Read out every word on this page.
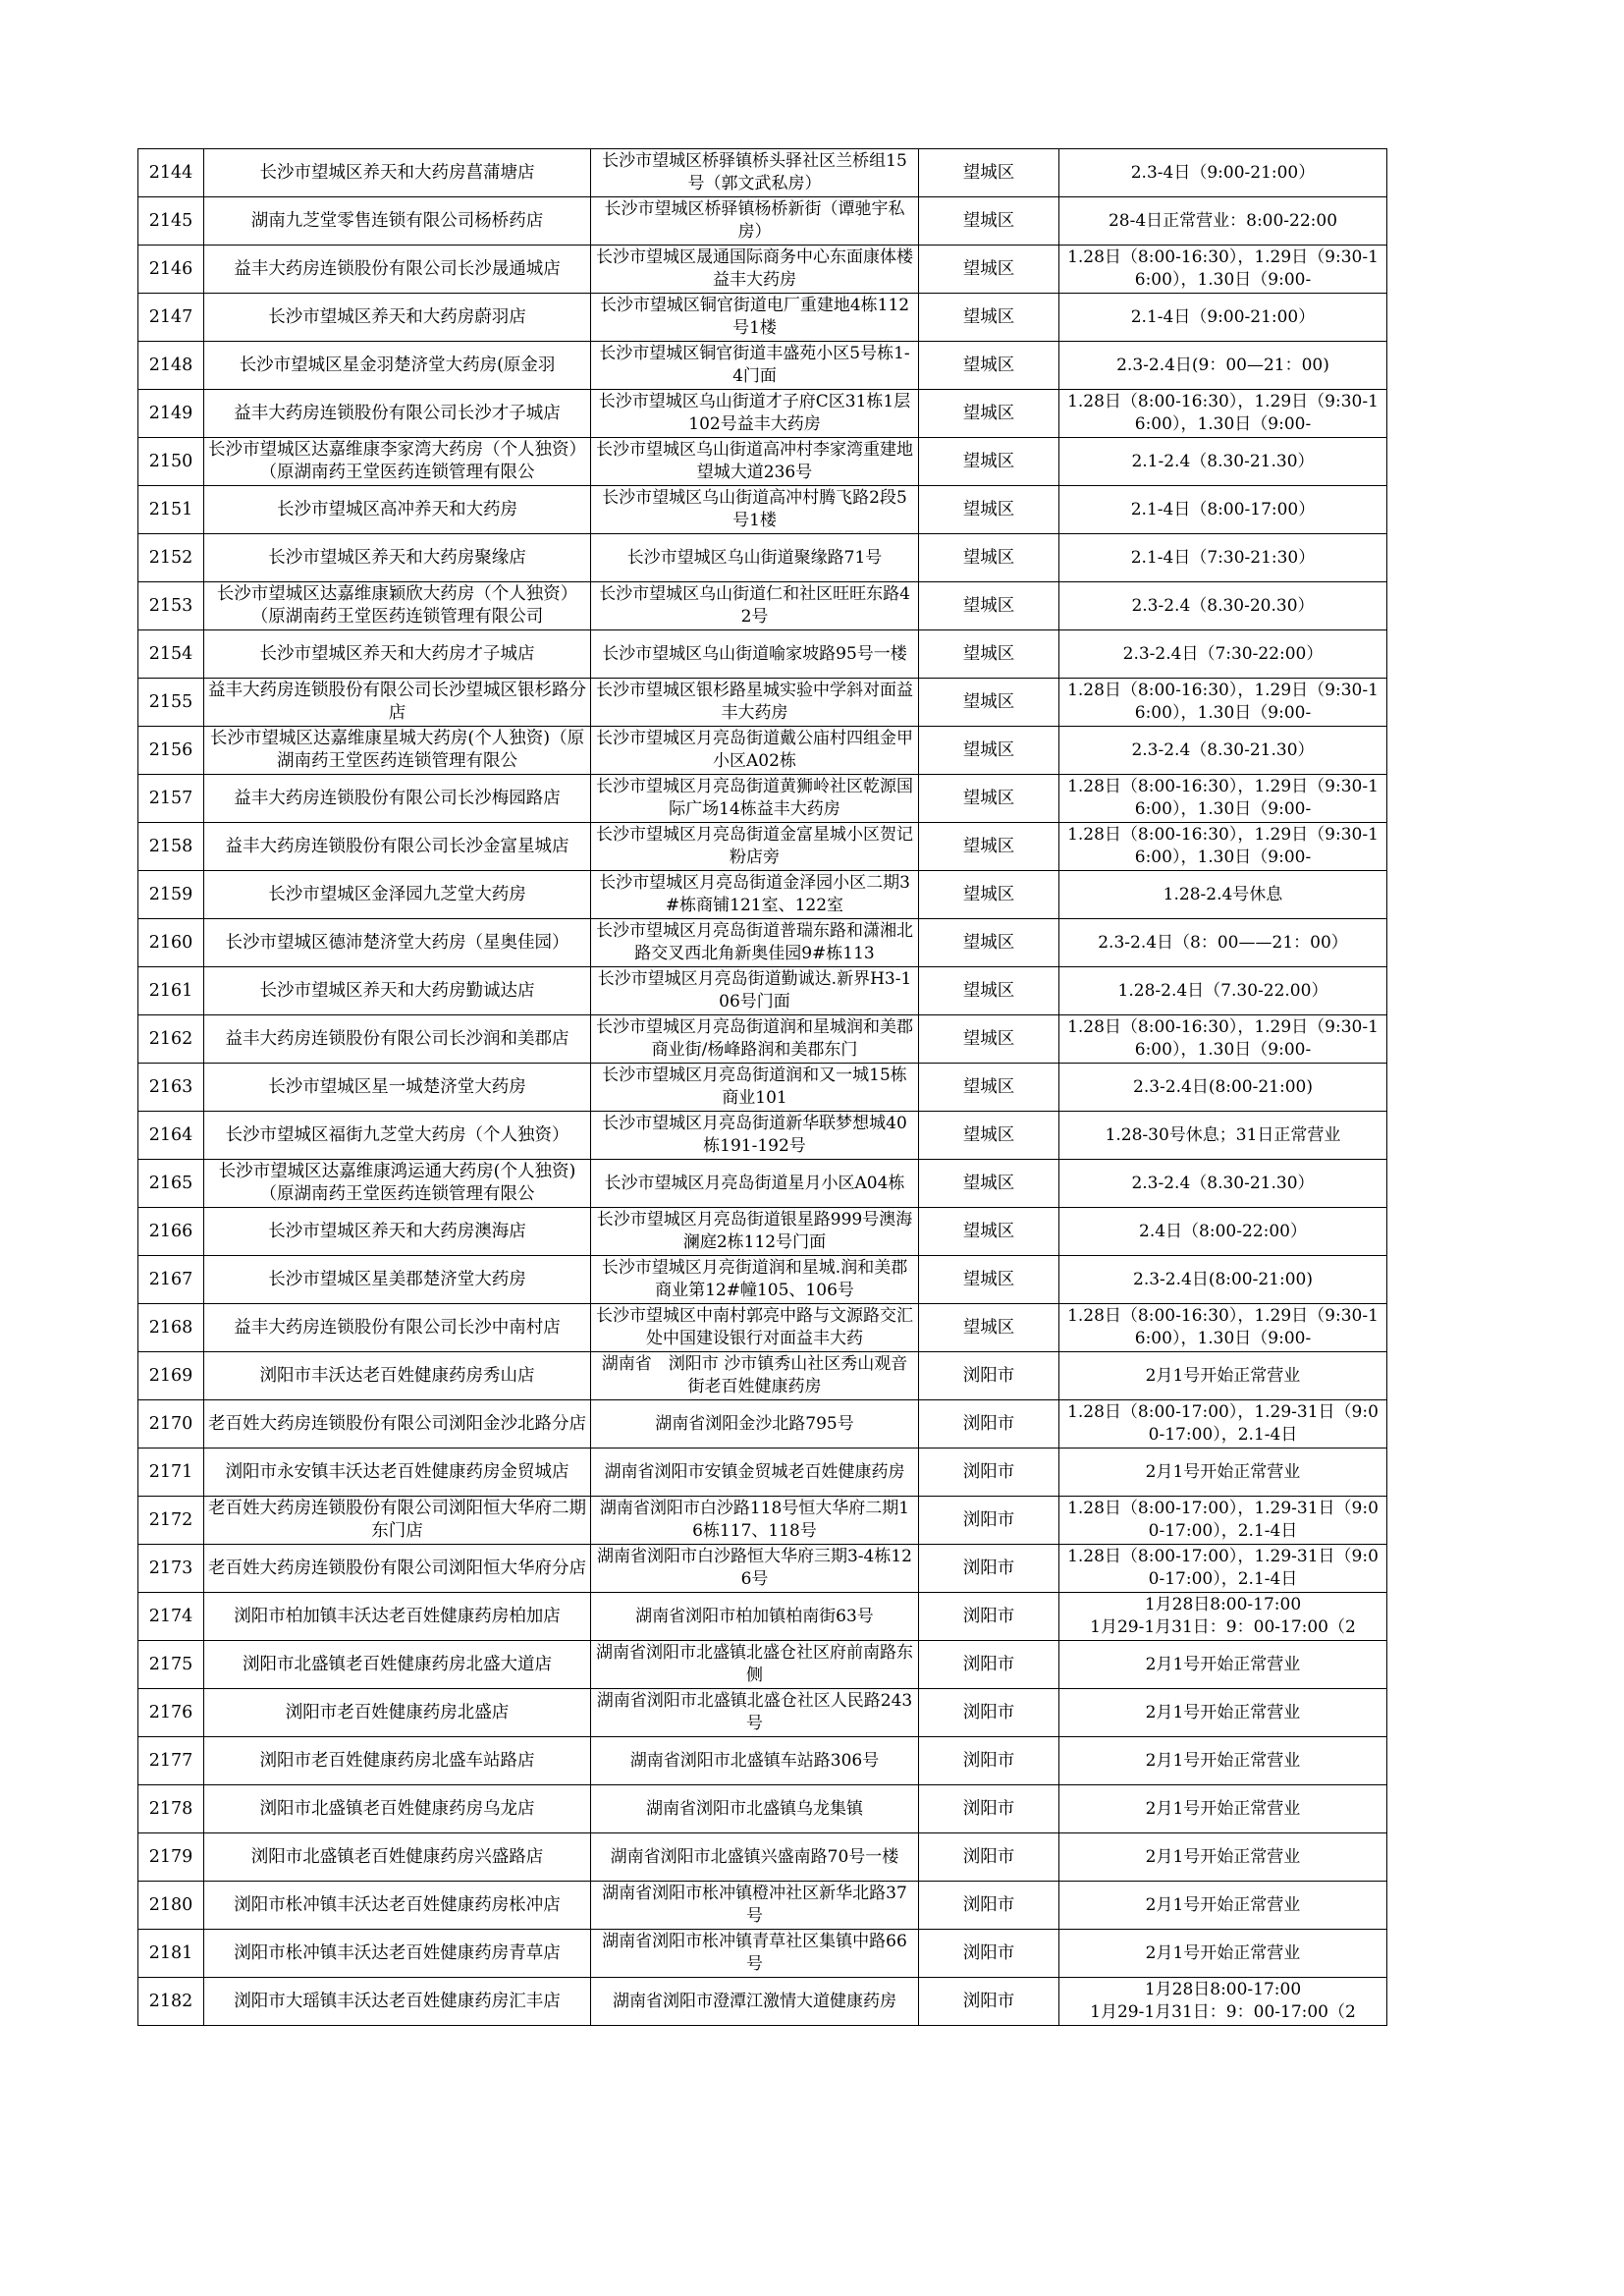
2144	长沙市望城区养天和大药房菖蒲塘店	长沙市望城区桥驿镇桥头驿社区兰桥组15号（郭文武私房）	望城区	2.3-4日（9:00-21:00）

2145	湖南九芝堂零售连锁有限公司杨桥药店	长沙市望城区桥驿镇杨桥新街（谭驰宇私房）	望城区	28-4日正常营业：8:00-22:00

2146	益丰大药房连锁股份有限公司长沙晟通城店	长沙市望城区晟通国际商务中心东面康体楼益丰大药房	望城区	1.28日（8:00-16:30），1.29日（9:30-16:00），1.30日（9:00-

2147	长沙市望城区养天和大药房蔚羽店	长沙市望城区铜官街道电厂重建地4栋112号1楼	望城区	2.1-4日（9:00-21:00）

2148	长沙市望城区星金羽楚济堂大药房(原金羽	长沙市望城区铜官街道丰盛苑小区5号栋1-4门面	望城区	2.3-2.4日(9：00—21：00)

2149	益丰大药房连锁股份有限公司长沙才子城店	长沙市望城区乌山街道才子府C区31栋1层102号益丰大药房	望城区	1.28日（8:00-16:30），1.29日（9:30-16:00），1.30日（9:00-

2150	长沙市望城区达嘉维康李家湾大药房（个人独资）（原湖南药王堂医药连锁管理有限公	长沙市望城区乌山街道高冲村李家湾重建地望城大道236号	望城区	2.1-2.4（8.30-21.30）

2151	长沙市望城区高冲养天和大药房	长沙市望城区乌山街道高冲村腾飞路2段5号1楼	望城区	2.1-4日（8:00-17:00）

2152	长沙市望城区养天和大药房聚缘店	长沙市望城区乌山街道聚缘路71号	望城区	2.1-4日（7:30-21:30）

2153	长沙市望城区达嘉维康颖欣大药房（个人独资）（原湖南药王堂医药连锁管理有限公司	长沙市望城区乌山街道仁和社区旺旺东路42号	望城区	2.3-2.4（8.30-20.30）

2154	长沙市望城区养天和大药房才子城店	长沙市望城区乌山街道喻家坡路95号一楼	望城区	2.3-2.4日（7:30-22:00）

2155	益丰大药房连锁股份有限公司长沙望城区银杉路分店	长沙市望城区银杉路星城实验中学斜对面益丰大药房	望城区	1.28日（8:00-16:30），1.29日（9:30-16:00），1.30日（9:00-

2156	长沙市望城区达嘉维康星城大药房(个人独资)（原湖南药王堂医药连锁管理有限公	长沙市望城区月亮岛街道戴公庙村四组金甲小区A02栋	望城区	2.3-2.4（8.30-21.30）

2157	益丰大药房连锁股份有限公司长沙梅园路店	长沙市望城区月亮岛街道黄狮岭社区乾源国际广场14栋益丰大药房	望城区	1.28日（8:00-16:30），1.29日（9:30-16:00），1.30日（9:00-

2158	益丰大药房连锁股份有限公司长沙金富星城店	长沙市望城区月亮岛街道金富星城小区贺记粉店旁	望城区	1.28日（8:00-16:30），1.29日（9:30-16:00），1.30日（9:00-

2159	长沙市望城区金泽园九芝堂大药房	长沙市望城区月亮岛街道金泽园小区二期3#栋商铺121室、122室	望城区	1.28-2.4号休息

2160	长沙市望城区德沛楚济堂大药房（星奥佳园）	长沙市望城区月亮岛街道普瑞东路和潇湘北路交叉西北角新奥佳园9#栋113	望城区	2.3-2.4日（8：00——21：00）

2161	长沙市望城区养天和大药房勤诚达店	长沙市望城区月亮岛街道勤诚达.新界H3-106号门面	望城区	1.28-2.4日（7.30-22.00）

2162	益丰大药房连锁股份有限公司长沙润和美郡店	长沙市望城区月亮岛街道润和星城润和美郡商业街/杨峰路润和美郡东门	望城区	1.28日（8:00-16:30），1.29日（9:30-16:00），1.30日（9:00-

2163	长沙市望城区星一城楚济堂大药房	长沙市望城区月亮岛街道润和又一城15栋商业101	望城区	2.3-2.4日(8:00-21:00)

2164	长沙市望城区福街九芝堂大药房（个人独资）	长沙市望城区月亮岛街道新华联梦想城40栋191-192号	望城区	1.28-30号休息；31日正常营业

2165	长沙市望城区达嘉维康鸿运通大药房(个人独资)（原湖南药王堂医药连锁管理有限公	长沙市望城区月亮岛街道星月小区A04栋	望城区	2.3-2.4（8.30-21.30）

2166	长沙市望城区养天和大药房澳海店	长沙市望城区月亮岛街道银星路999号澳海澜庭2栋112号门面	望城区	2.4日（8:00-22:00）

2167	长沙市望城区星美郡楚济堂大药房	长沙市望城区月亮街道润和星城.润和美郡商业第12#幢105、106号	望城区	2.3-2.4日(8:00-21:00)

2168	益丰大药房连锁股份有限公司长沙中南村店	长沙市望城区中南村郭亮中路与文源路交汇处中国建设银行对面益丰大药	望城区	1.28日（8:00-16:30），1.29日（9:30-16:00），1.30日（9:00-

2169	浏阳市丰沃达老百姓健康药房秀山店	湖南省　浏阳市 沙市镇秀山社区秀山观音街老百姓健康药房	浏阳市	2月1号开始正常营业

2170	老百姓大药房连锁股份有限公司浏阳金沙北路分店	湖南省浏阳金沙北路795号	浏阳市	1.28日（8:00-17:00），1.29-31日（9:00-17:00），2.1-4日

2171	浏阳市永安镇丰沃达老百姓健康药房金贸城店	湖南省浏阳市安镇金贸城老百姓健康药房	浏阳市	2月1号开始正常营业

2172	老百姓大药房连锁股份有限公司浏阳恒大华府二期东门店	湖南省浏阳市白沙路118号恒大华府二期16栋117、118号	浏阳市	1.28日（8:00-17:00），1.29-31日（9:00-17:00），2.1-4日

2173	老百姓大药房连锁股份有限公司浏阳恒大华府分店	湖南省浏阳市白沙路恒大华府三期3-4栋126号	浏阳市	1.28日（8:00-17:00），1.29-31日（9:00-17:00），2.1-4日

2174	浏阳市柏加镇丰沃达老百姓健康药房柏加店	湖南省浏阳市柏加镇柏南街63号	浏阳市	1月28日8:00-17:00
1月29-1月31日：9：00-17:00（2

2175	浏阳市北盛镇老百姓健康药房北盛大道店	湖南省浏阳市北盛镇北盛仓社区府前南路东侧	浏阳市	2月1号开始正常营业

2176	浏阳市老百姓健康药房北盛店	湖南省浏阳市北盛镇北盛仓社区人民路243号	浏阳市	2月1号开始正常营业

2177	浏阳市老百姓健康药房北盛车站路店	湖南省浏阳市北盛镇车站路306号	浏阳市	2月1号开始正常营业

2178	浏阳市北盛镇老百姓健康药房乌龙店	湖南省浏阳市北盛镇乌龙集镇	浏阳市	2月1号开始正常营业

2179	浏阳市北盛镇老百姓健康药房兴盛路店	湖南省浏阳市北盛镇兴盛南路70号一楼	浏阳市	2月1号开始正常营业

2180	浏阳市枨冲镇丰沃达老百姓健康药房枨冲店	湖南省浏阳市枨冲镇橙冲社区新华北路37号	浏阳市	2月1号开始正常营业

2181	浏阳市枨冲镇丰沃达老百姓健康药房青草店	湖南省浏阳市枨冲镇青草社区集镇中路66号	浏阳市	2月1号开始正常营业

2182	浏阳市大瑶镇丰沃达老百姓健康药房汇丰店	湖南省浏阳市澄潭江激情大道健康药房	浏阳市	1月28日8:00-17:00
1月29-1月31日：9：00-17:00（2
